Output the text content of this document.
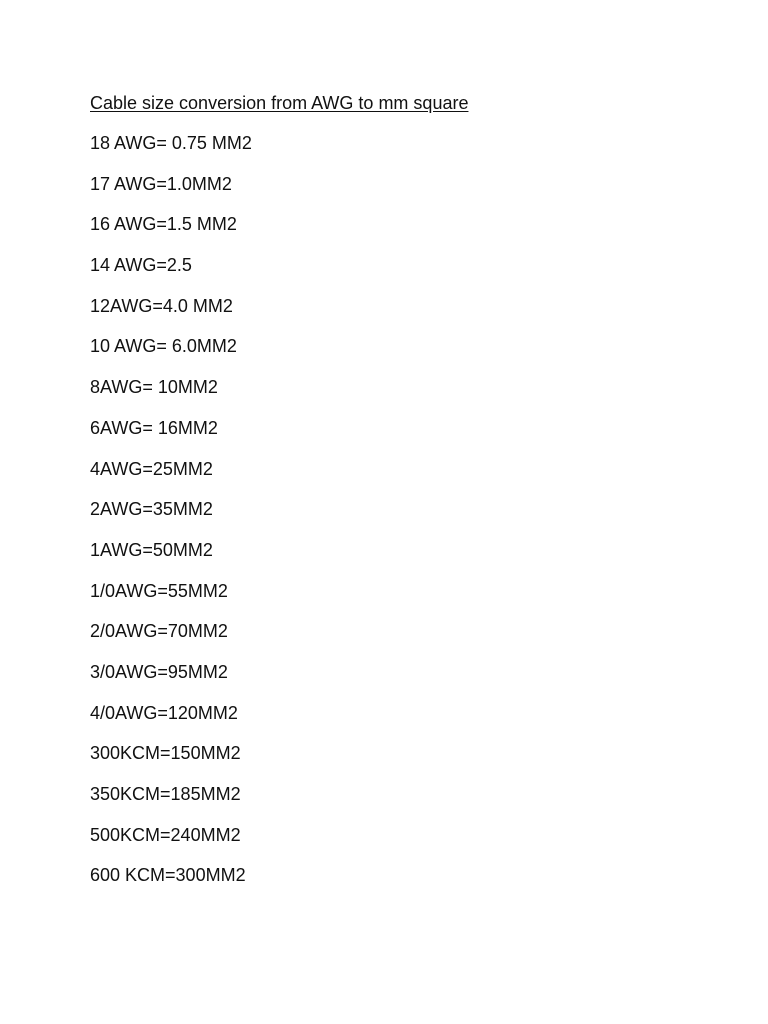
Cable size conversion from AWG to mm square
18 AWG= 0.75 MM2
17 AWG=1.0MM2
16 AWG=1.5 MM2
14 AWG=2.5
12AWG=4.0 MM2
10 AWG= 6.0MM2
8AWG= 10MM2
6AWG= 16MM2
4AWG=25MM2
2AWG=35MM2
1AWG=50MM2
1/0AWG=55MM2
2/0AWG=70MM2
3/0AWG=95MM2
4/0AWG=120MM2
300KCM=150MM2
350KCM=185MM2
500KCM=240MM2
600 KCM=300MM2
